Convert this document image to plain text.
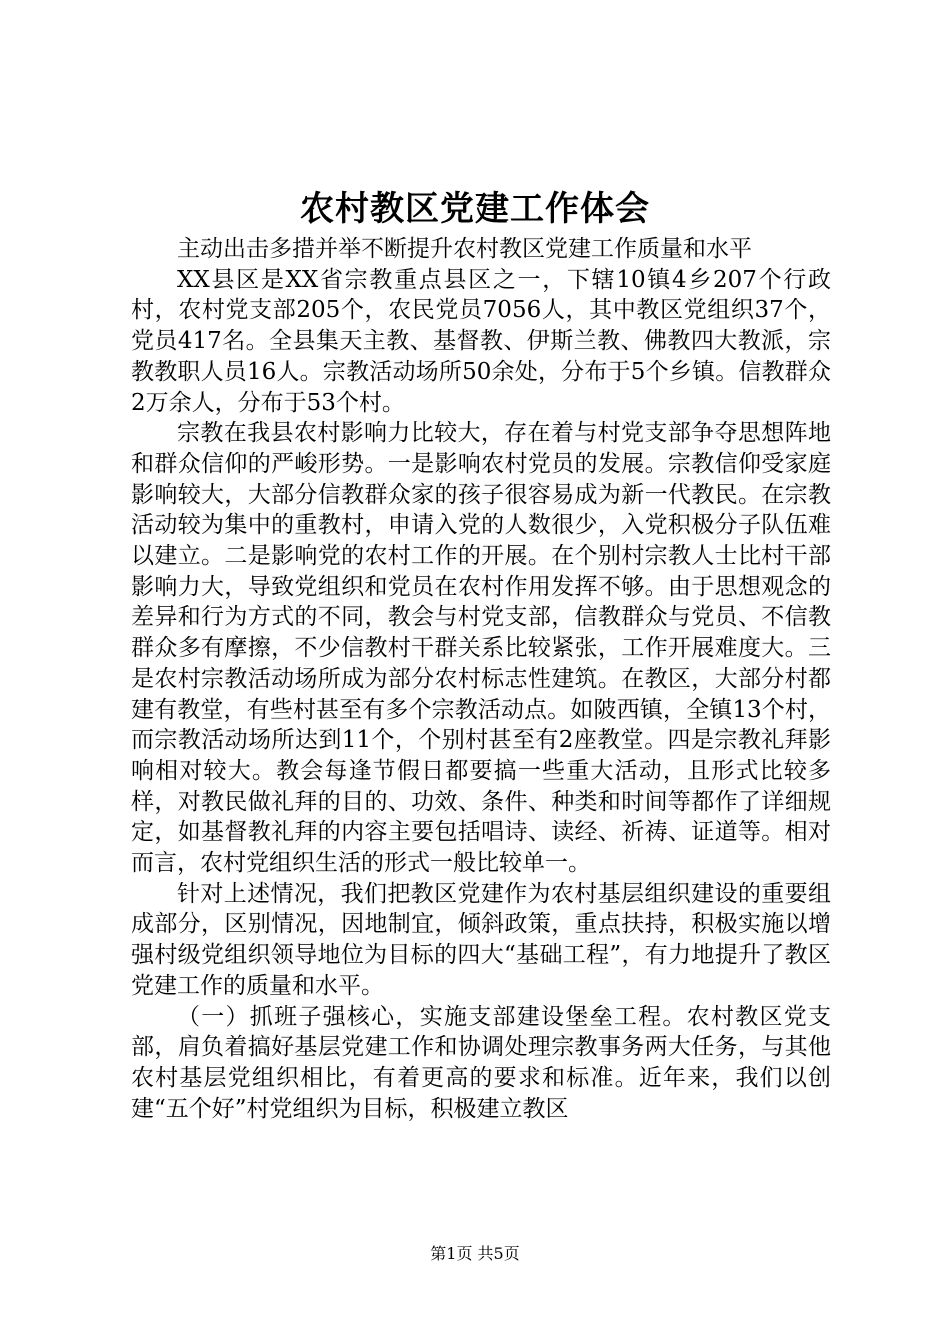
农村教区党建工作体会

主动出击多措并举不断提升农村教区党建工作质量和水平

XX县区是XX省宗教重点县区之一，下辖10镇4乡207个行政村，农村党支部205个，农民党员7056人，其中教区党组织37个，党员417名。全县集天主教、基督教、伊斯兰教、佛教四大教派，宗教教职人员16人。宗教活动场所50余处，分布于5个乡镇。信教群众2万余人，分布于53个村。

宗教在我县农村影响力比较大，存在着与村党支部争夺思想阵地和群众信仰的严峻形势。一是影响农村党员的发展。宗教信仰受家庭影响较大，大部分信教群众家的孩子很容易成为新一代教民。在宗教活动较为集中的重教村，申请入党的人数很少，入党积极分子队伍难以建立。二是影响党的农村工作的开展。在个别村宗教人士比村干部影响力大，导致党组织和党员在农村作用发挥不够。由于思想观念的差异和行为方式的不同，教会与村党支部，信教群众与党员、不信教群众多有摩擦，不少信教村干群关系比较紧张，工作开展难度大。三是农村宗教活动场所成为部分农村标志性建筑。在教区，大部分村都建有教堂，有些村甚至有多个宗教活动点。如陂西镇，全镇13个村，而宗教活动场所达到11个，个别村甚至有2座教堂。四是宗教礼拜影响相对较大。教会每逢节假日都要搞一些重大活动，且形式比较多样，对教民做礼拜的目的、功效、条件、种类和时间等都作了详细规定，如基督教礼拜的内容主要包括唱诗、读经、祈祷、证道等。相对而言，农村党组织生活的形式一般比较单一。

针对上述情况，我们把教区党建作为农村基层组织建设的重要组成部分，区别情况，因地制宜，倾斜政策，重点扶持，积极实施以增强村级党组织领导地位为目标的四大“基础工程”，有力地提升了教区党建工作的质量和水平。

（一）抓班子强核心，实施支部建设堡垒工程。农村教区党支部，肩负着搞好基层党建工作和协调处理宗教事务两大任务，与其他农村基层党组织相比，有着更高的要求和标准。近年来，我们以创建“五个好”村党组织为目标，积极建立教区

第1页 共5页
